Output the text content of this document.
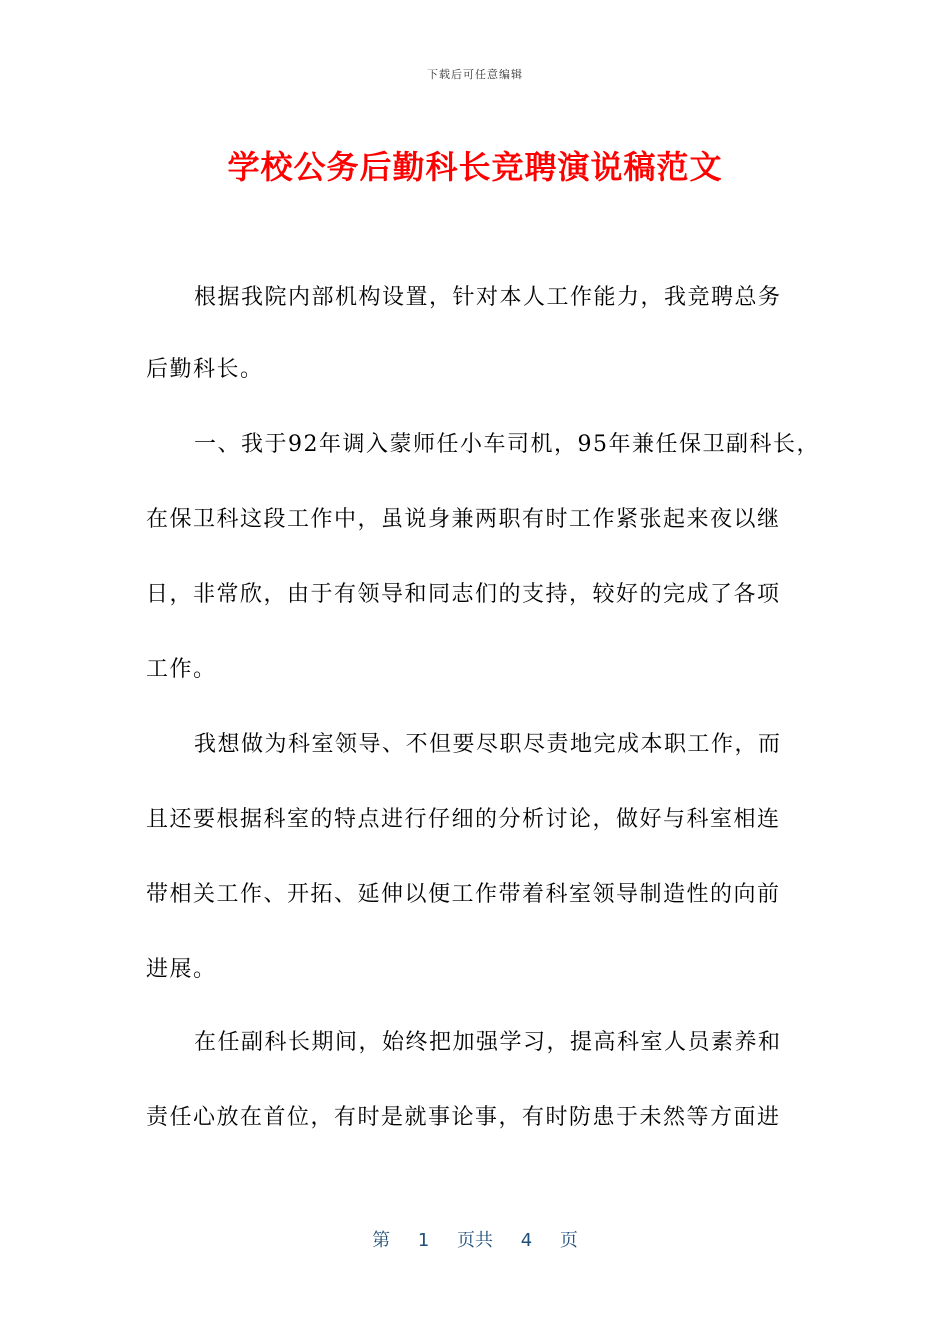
下载后可任意编辑
学校公务后勤科长竞聘演说稿范文
根据我院内部机构设置，针对本人工作能力，我竞聘总务
后勤科长。
一、我于92年调入蒙师任小车司机，95年兼任保卫副科长，
在保卫科这段工作中，虽说身兼两职有时工作紧张起来夜以继
日，非常欣，由于有领导和同志们的支持，较好的完成了各项
工作。
我想做为科室领导、不但要尽职尽责地完成本职工作，而
且还要根据科室的特点进行仔细的分析讨论，做好与科室相连
带相关工作、开拓、延伸以便工作带着科室领导制造性的向前
进展。
在任副科长期间，始终把加强学习，提高科室人员素养和
责任心放在首位，有时是就事论事，有时防患于未然等方面进
第 1 页共 4 页
